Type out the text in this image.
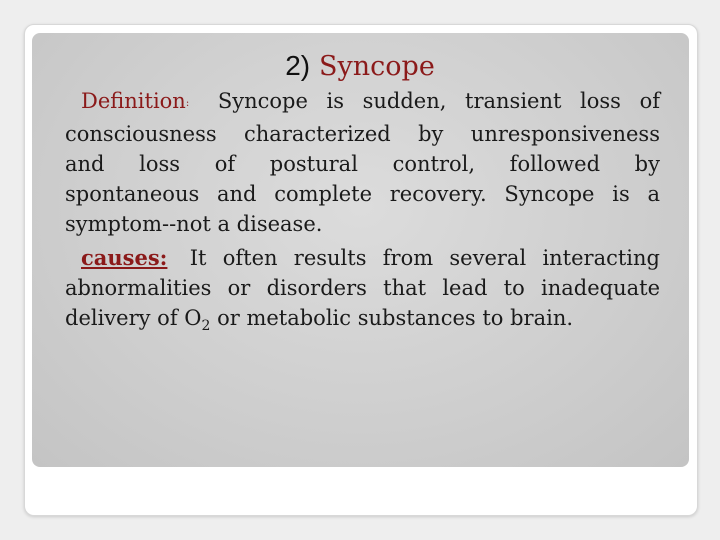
2) Syncope
Definition: Syncope is sudden, transient loss of
consciousness characterized by unresponsiveness
and loss of postural control, followed by
spontaneous and complete recovery. Syncope is a
symptom--not a disease.
causes: It often results from several interacting
abnormalities or disorders that lead to inadequate
delivery of $O_2$ or metabolic substances to brain.
